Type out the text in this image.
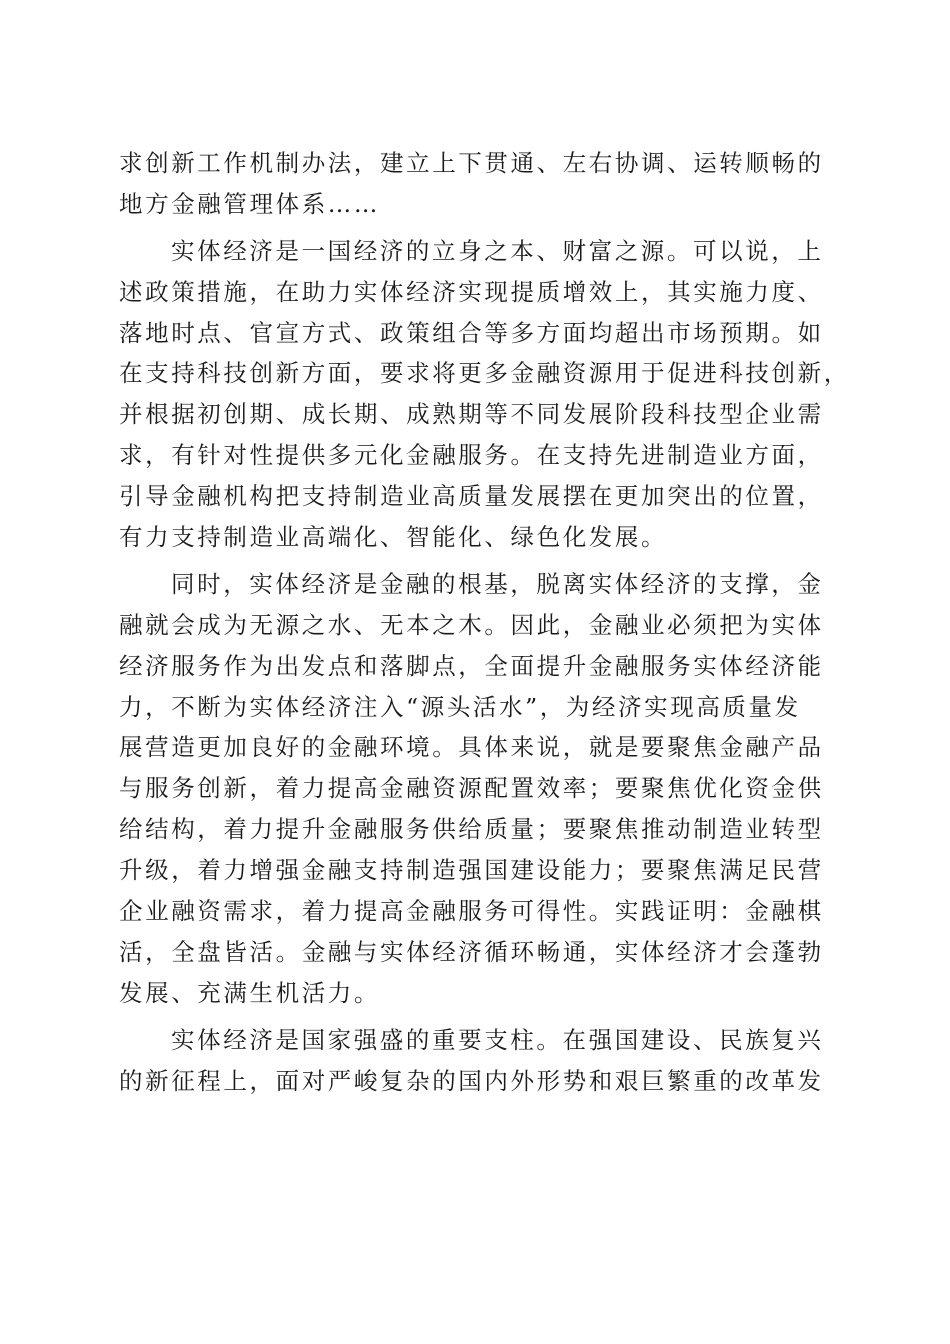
求创新工作机制办法，建立上下贯通、左右协调、运转顺畅的
地方金融管理体系……
实体经济是一国经济的立身之本、财富之源。可以说，上
述政策措施，在助力实体经济实现提质增效上，其实施力度、
落地时点、官宣方式、政策组合等多方面均超出市场预期。如
在支持科技创新方面，要求将更多金融资源用于促进科技创新，
并根据初创期、成长期、成熟期等不同发展阶段科技型企业需
求，有针对性提供多元化金融服务。在支持先进制造业方面，
引导金融机构把支持制造业高质量发展摆在更加突出的位置，
有力支持制造业高端化、智能化、绿色化发展。
同时，实体经济是金融的根基，脱离实体经济的支撑，金
融就会成为无源之水、无本之木。因此，金融业必须把为实体
经济服务作为出发点和落脚点，全面提升金融服务实体经济能
力，不断为实体经济注入“源头活水”，为经济实现高质量发
展营造更加良好的金融环境。具体来说，就是要聚焦金融产品
与服务创新，着力提高金融资源配置效率；要聚焦优化资金供
给结构，着力提升金融服务供给质量；要聚焦推动制造业转型
升级，着力增强金融支持制造强国建设能力；要聚焦满足民营
企业融资需求，着力提高金融服务可得性。实践证明：金融棋
活，全盘皆活。金融与实体经济循环畅通，实体经济才会蓬勃
发展、充满生机活力。
实体经济是国家强盛的重要支柱。在强国建设、民族复兴
的新征程上，面对严峻复杂的国内外形势和艰巨繁重的改革发
